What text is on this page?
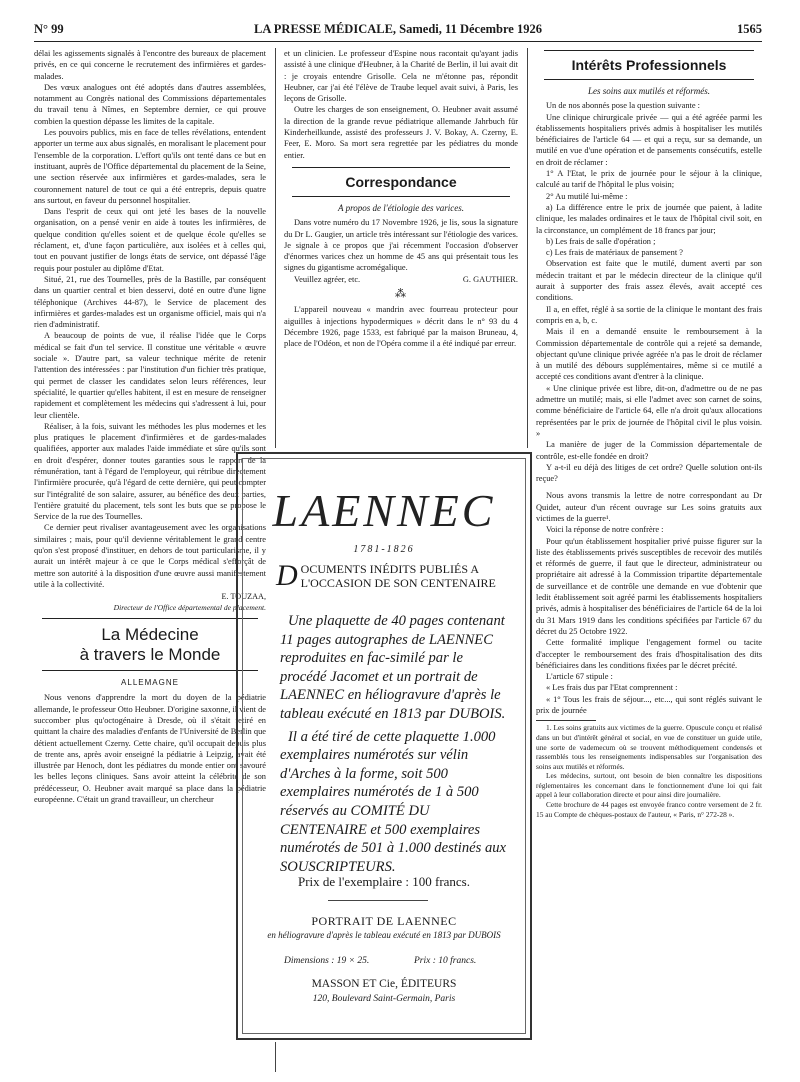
N° 99	LA PRESSE MÉDICALE, Samedi, 11 Décembre 1926	1565

délai les agissements signalés à l'encontre des bureaux de placement privés, en ce qui concerne le recrutement des infirmières et gardes-malades.

Des vœux analogues ont été adoptés dans d'autres assemblées, notamment au Congrès national des Commissions départementales du travail tenu à Nîmes, en Septembre dernier, ce qui prouve combien la question dépasse les limites de la capitale.

Les pouvoirs publics, mis en face de telles révélations, entendent apporter un terme aux abus signalés, en moralisant le placement pour l'ensemble de la corporation. L'effort qu'ils ont tenté dans ce but en instituant, auprès de l'Office départemental du placement de la Seine, une section réservée aux infirmières et gardes-malades, sera le couronnement naturel de tout ce qui a été entrepris, depuis quatre ans surtout, en faveur du personnel hospitalier.

Dans l'esprit de ceux qui ont jeté les bases de la nouvelle organisation, on a pensé venir en aide à toutes les infirmières, de quelque condition qu'elles soient et de quelque école qu'elles se réclament, et, d'une façon particulière, aux isolées et à celles qui, tout en pouvant justifier de longs états de service, ont dépassé l'âge requis pour postuler au diplôme d'Etat.

Situé, 21, rue des Tournelles, près de la Bastille, par conséquent dans un quartier central et bien desservi, doté en outre d'une ligne téléphonique (Archives 44-87), le Service de placement des infirmières et gardes-malades est un organisme officiel, mais qui n'a rien d'administratif.

A beaucoup de points de vue, il réalise l'idée que le Corps médical se fait d'un tel service. Il constitue une véritable « œuvre sociale ». D'autre part, sa valeur technique mérite de retenir l'attention des intéressées : par l'institution d'un fichier très pratique, qui permet de classer les candidates selon leurs références, leur spécialité, le quartier qu'elles habitent, il est en mesure de renseigner rapidement et complètement les médecins qui s'adressent à lui, pour leur clientèle.

Réaliser, à la fois, suivant les méthodes les plus modernes et les plus pratiques le placement d'infirmières et de gardes-malades qualifiées, apporter aux malades l'aide immédiate et sûre qu'ils sont en droit d'espérer, donner toutes garanties sous le rapport de la rémunération, tant à l'égard de l'employeur, qui rétribue directement l'infirmière procurée, qu'à l'égard de cette dernière, qui peut compter sur l'intégralité de son salaire, assurer, au bénéfice des deux parties, l'entière gratuité du placement, tels sont les buts que se propose le Service de la rue des Tournelles.

Ce dernier peut rivaliser avantageusement avec les organisations similaires ; mais, pour qu'il devienne véritablement le grand centre qu'on s'est proposé d'instituer, en dehors de tout particularisme, il y aurait un intérêt majeur à ce que le Corps médical s'efforçât de mettre son autorité à la disposition d'une œuvre aussi manifestement utile à la collectivité.

E. TOUZAA,
Directeur de l'Office départemental de placement.
La Médecine
à travers le Monde
ALLEMAGNE

Nous venons d'apprendre la mort du doyen de la pédiatrie allemande, le professeur Otto Heubner. D'origine saxonne, il vient de succomber plus qu'octogénaire à Dresde, où il s'était retiré en quittant la chaire des maladies d'enfants de l'Université de Berlin que détient actuellement Czerny. Cette chaire, qu'il occupait depuis plus de trente ans, après avoir enseigné la pédiatrie à Leipzig, avait été illustrée par Henoch, dont les pédiatres du monde entier ont savouré les belles leçons cliniques. Sans avoir atteint la célébrité de son prédécesseur, O. Heubner avait marqué sa place dans la pédiatrie européenne. C'était un grand travailleur, un chercheur

et un clinicien. Le professeur d'Espine nous racontait qu'ayant jadis assisté à une clinique d'Heubner, à la Charité de Berlin, il lui avait dit : je croyais entendre Grisolle. Cela ne m'étonne pas, répondit Heubner, car j'ai été l'élève de Traube lequel avait suivi, à Paris, les leçons de Grisolle.

Outre les charges de son enseignement, O. Heubner avait assumé la direction de la grande revue pédiatrique allemande Jahrbuch für Kinderheilkunde, assisté des professeurs J. V. Bokay, A. Czerny, E. Feer, E. Moro. Sa mort sera regrettée par les pédiatres du monde entier.

Correspondance
A propos de l'étiologie des varices.

Dans votre numéro du 17 Novembre 1926, je lis, sous la signature du Dr L. Gaugier, un article très intéressant sur l'étiologie des varices. Je signale à ce propos que j'ai récemment l'occasion d'observer d'énormes varices chez un homme de 45 ans qui présentait tous les signes du gigantisme acromégalique.

Veuillez agréer, etc.	G. GAUTHIER.

⁂

L'appareil nouveau « mandrin avec fourreau protecteur pour aiguilles à injections hypodermiques » décrit dans le n° 93 du 4 Décembre 1926, page 1533, est fabriqué par la maison Bruneau, 4, place de l'Odéon, et non de l'Opéra comme il a été indiqué par erreur.

LAENNEC
1781-1826
D OCUMENTS INÉDITS PUBLIÉS A L'OCCASION DE SON CENTENAIRE

Une plaquette de 40 pages contenant 11 pages autographes de LAENNEC reproduites en fac-similé par le procédé Jacomet et un portrait de LAENNEC en héliogravure d'après le tableau exécuté en 1813 par DUBOIS.

Il a été tiré de cette plaquette 1.000 exemplaires numérotés sur vélin d'Arches à la forme, soit 500 exemplaires numérotés de 1 à 500 réservés au COMITÉ DU CENTENAIRE et 500 exemplaires numérotés de 501 à 1.000 destinés aux SOUSCRIPTEURS.

Prix de l'exemplaire : 100 francs.
PORTRAIT DE LAENNEC
en héliogravure d'après le tableau exécuté en 1813 par DUBOIS
Dimensions : 19 × 25.	Prix : 10 francs.
MASSON ET Cie, ÉDITEURS
120, Boulevard Saint-Germain, Paris
Intérêts Professionnels
Les soins aux mutilés et réformés.

Un de nos abonnés pose la question suivante :

Une clinique chirurgicale privée — qui a été agréée parmi les établissements hospitaliers privés admis à hospitaliser les mutilés bénéficiaires de l'article 64 — et qui a reçu, sur sa demande, un mutilé en vue d'une opération et de pansements consécutifs, estelle en droit de réclamer :

1° A l'Etat, le prix de journée pour le séjour à la clinique, calculé au tarif de l'hôpital le plus voisin;

2° Au mutilé lui-même :

a) La différence entre le prix de journée que paient, à ladite clinique, les malades ordinaires et le taux de l'hôpital civil soit, en la circonstance, un complément de 18 francs par jour;

b) Les frais de salle d'opération ;

c) Les frais de matériaux de pansement ?

Observation est faite que le mutilé, dument averti par son médecin traitant et par le médecin directeur de la clinique qu'il aurait à supporter des frais assez élevés, avait accepté ces conditions.

Il a, en effet, réglé à sa sortie de la clinique le montant des frais compris en a, b, c.

Mais il en a demandé ensuite le remboursement à la Commission départementale de contrôle qui a rejeté sa demande, objectant qu'une clinique privée agréée n'a pas le droit de réclamer à un mutilé des débours supplémentaires, même si ce mutilé a accepté ces conditions avant d'entrer à la clinique.

« Une clinique privée est libre, dit-on, d'admettre ou de ne pas admettre un mutilé; mais, si elle l'admet avec son carnet de soins, comme bénéficiaire de l'article 64, elle n'a droit qu'aux allocations représentées par le prix de journée de l'hôpital civil le plus voisin. »

La manière de juger de la Commission départementale de contrôle, est-elle fondée en droit?

Y a-t-il eu déjà des litiges de cet ordre? Quelle solution ont-ils reçue?

Nous avons transmis la lettre de notre correspondant au Dr Quidet, auteur d'un récent ouvrage sur Les soins gratuits aux victimes de la guerre¹.

Voici la réponse de notre confrère :

Pour qu'un établissement hospitalier privé puisse figurer sur la liste des établissements privés susceptibles de recevoir des mutilés et réformés de guerre, il faut que le directeur, administrateur ou propriétaire ait adressé à la Commission tripartite départementale de surveillance et de contrôle une demande en vue d'obtenir que ledit établissement soit agréé parmi les établissements hospitaliers privés, admis à hospitaliser des bénéficiaires de l'article 64 de la loi du 31 Mars 1919 dans les conditions spécifiées par l'article 67 du décret du 25 Octobre 1922.

Cette formalité implique l'engagement formel ou tacite d'accepter le remboursement des frais d'hospitalisation des dits bénéficiaires dans les conditions fixées par le décret précité.

L'article 67 stipule :

« Les frais dus par l'Etat comprennent :

« 1° Tous les frais de séjour..., etc..., qui sont réglés suivant le prix de journée

1. Les soins gratuits aux victimes de la guerre. Opuscule conçu et réalisé dans un but d'intérêt général et social, en vue de constituer un guide utile, une sorte de vademecum où se trouvent méthodiquement condensés et rassemblés tous les renseignements indispensables sur l'organisation des soins aux mutilés et réformés.

Les médecins, surtout, ont besoin de bien connaître les dispositions réglementaires les concernant dans le fonctionnement d'une loi qui fait appel à leur collaboration directe et pour ainsi dire journalière.

Cette brochure de 44 pages est envoyée franco contre versement de 2 fr. 15 au Compte de chèques-postaux de l'auteur, « Paris, n° 272-28 ».
